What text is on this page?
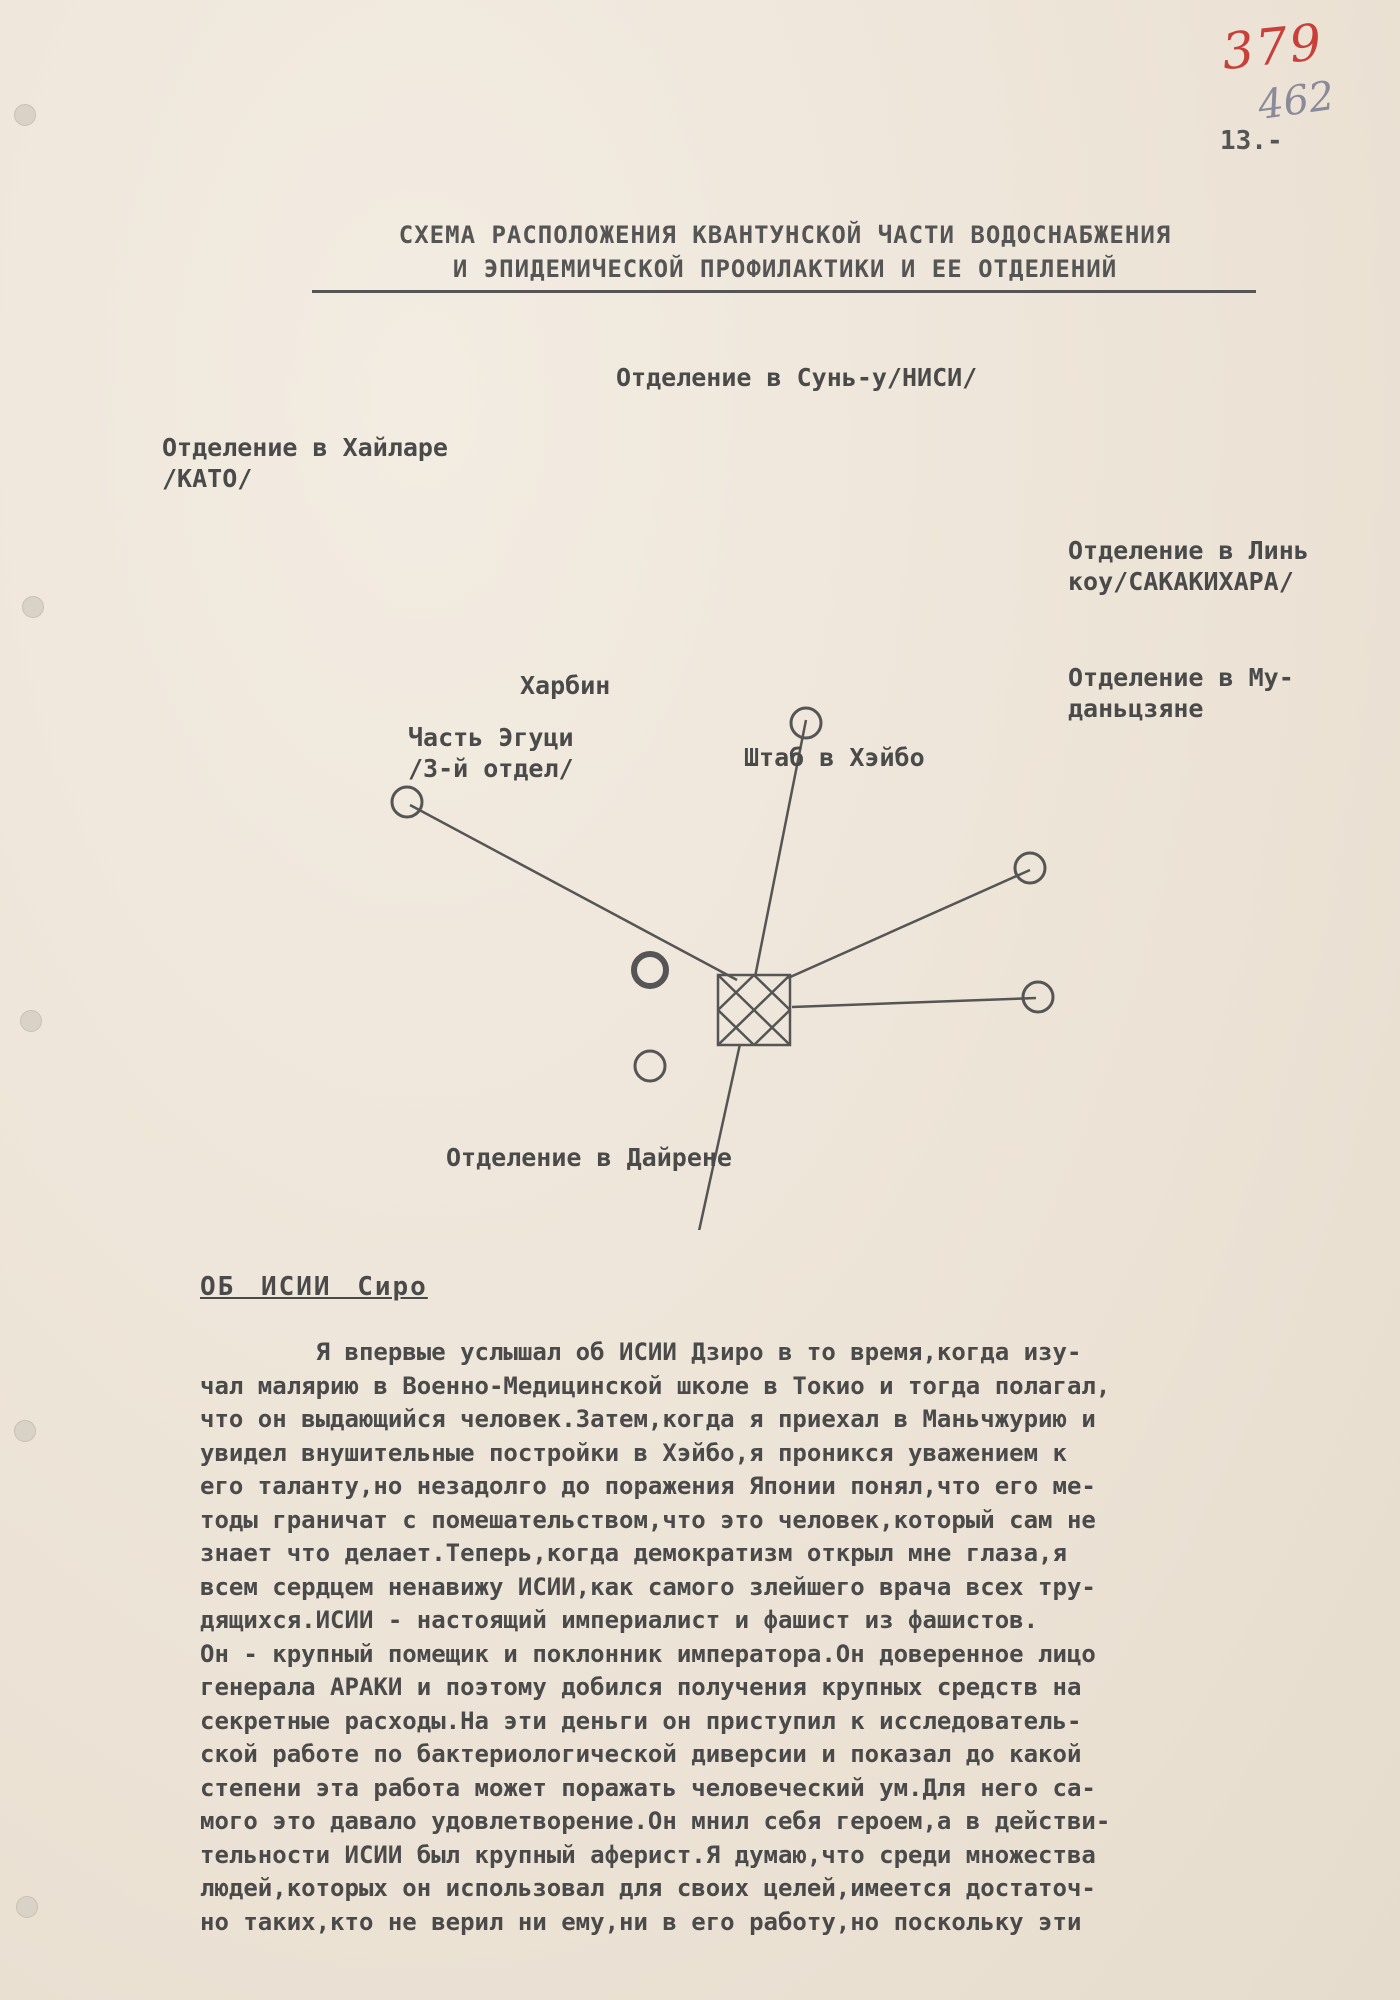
379
462
13.-
СХЕМА РАСПОЛОЖЕНИЯ КВАНТУНСКОЙ ЧАСТИ ВОДОСНАБЖЕНИЯ
И ЭПИДЕМИЧЕСКОЙ ПРОФИЛАКТИКИ И ЕЕ ОТДЕЛЕНИЙ
Отделение в Сунь-у/НИСИ/
Отделение в Хайларе
/КАТО/
Отделение в Линь
коу/САКАКИХАРА/
Отделение в Му-
даньцзяне
Харбин
Часть Эгуци
/3-й отдел/	Штаб в Хэйбо
Отделение в Дайрене
ОБ ИСИИ Сиро
Я впервые услышал об ИСИИ Дзиро в то время,когда изу-
чал малярию в Военно-Медицинской школе в Токио и тогда полагал,
что он выдающийся человек.Затем,когда я приехал в Маньчжурию и
увидел внушительные постройки в Хэйбо,я проникся уважением к
его таланту,но незадолго до поражения Японии понял,что его ме-
тоды граничат с помешательством,что это человек,который сам не
знает что делает.Теперь,когда демократизм открыл мне глаза,я
всем сердцем ненавижу ИСИИ,как самого злейшего врача всех тру-
дящихся.ИСИИ - настоящий империалист и фашист из фашистов.
Он - крупный помещик и поклонник императора.Он доверенное лицо
генерала АРАКИ и поэтому добился получения крупных средств на
секретные расходы.На эти деньги он приступил к исследователь-
ской работе по бактериологической диверсии и показал до какой
степени эта работа может поражать человеческий ум.Для него са-
мого это давало удовлетворение.Он мнил себя героем,а в действи-
тельности ИСИИ был крупный аферист.Я думаю,что среди множества
людей,которых он использовал для своих целей,имеется достаточ-
но таких,кто не верил ни ему,ни в его работу,но поскольку эти
